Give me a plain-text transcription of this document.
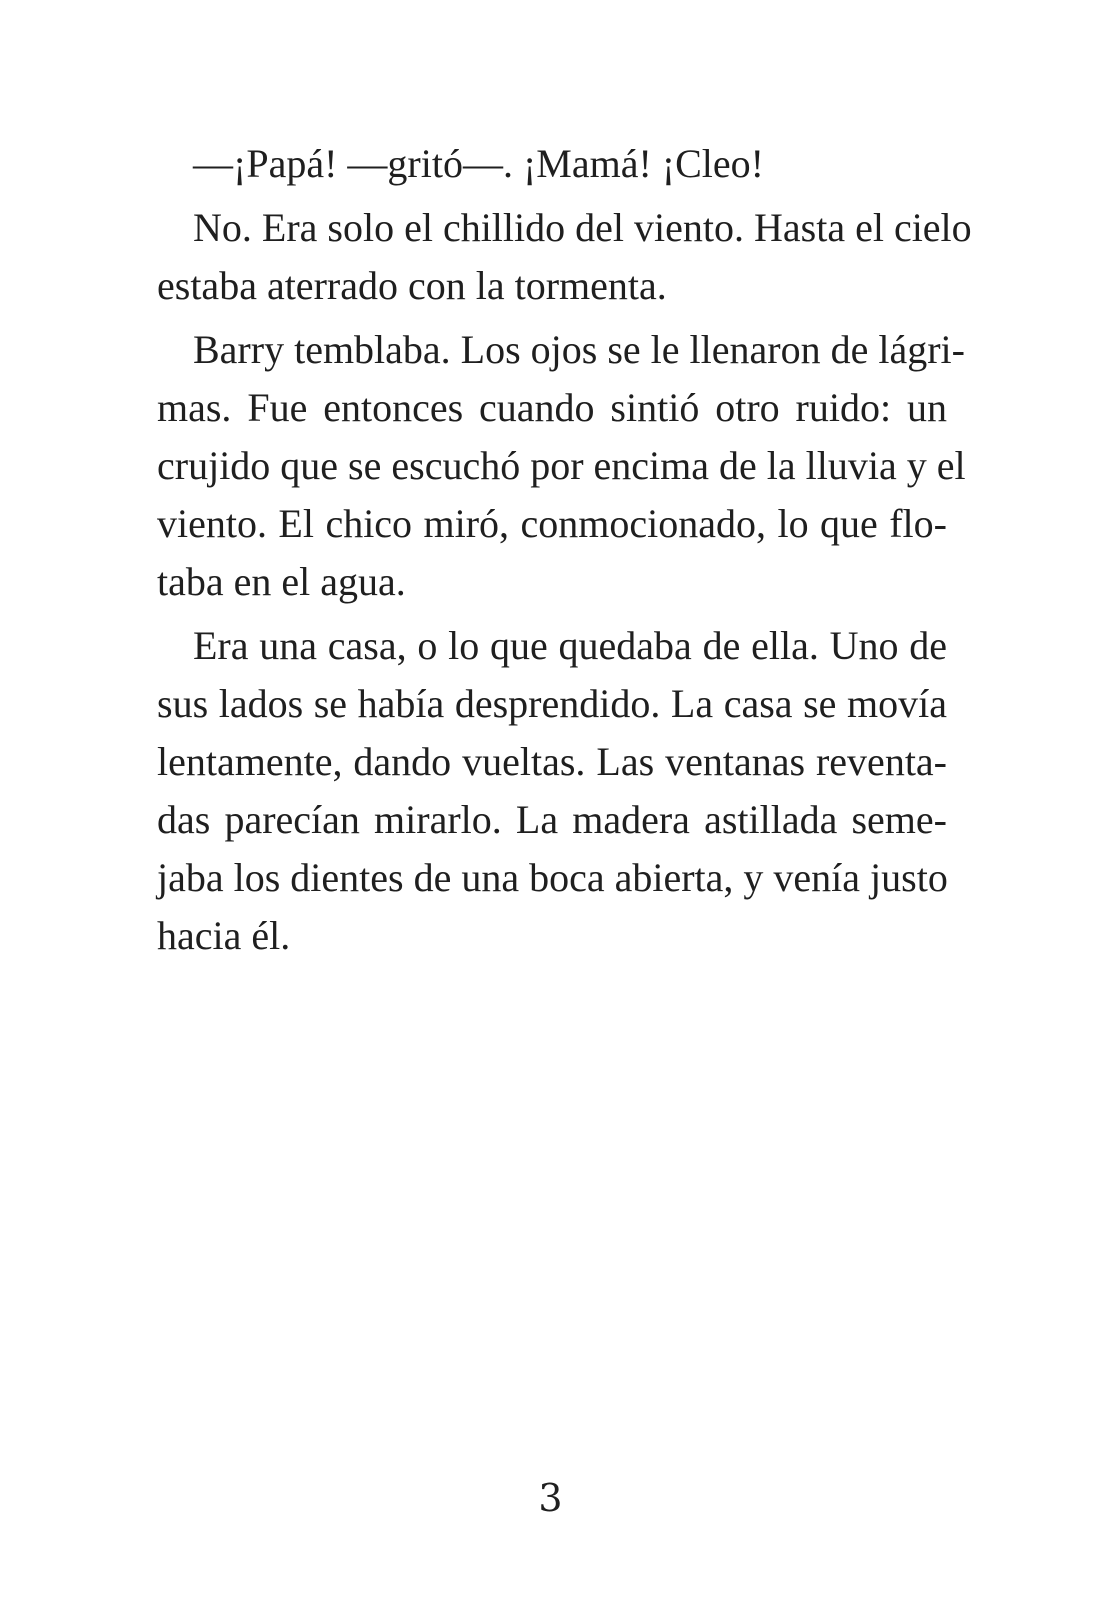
—¡Papá! —gritó—. ¡Mamá! ¡Cleo!
No. Era solo el chillido del viento. Hasta el cielo
estaba aterrado con la tormenta.
Barry temblaba. Los ojos se le llenaron de lágri-
mas. Fue entonces cuando sintió otro ruido: un
crujido que se escuchó por encima de la lluvia y el
viento. El chico miró, conmocionado, lo que flo-
taba en el agua.
Era una casa, o lo que quedaba de ella. Uno de
sus lados se había desprendido. La casa se movía
lentamente, dando vueltas. Las ventanas reventa-
das parecían mirarlo. La madera astillada seme-
jaba los dientes de una boca abierta, y venía justo
hacia él.
3
